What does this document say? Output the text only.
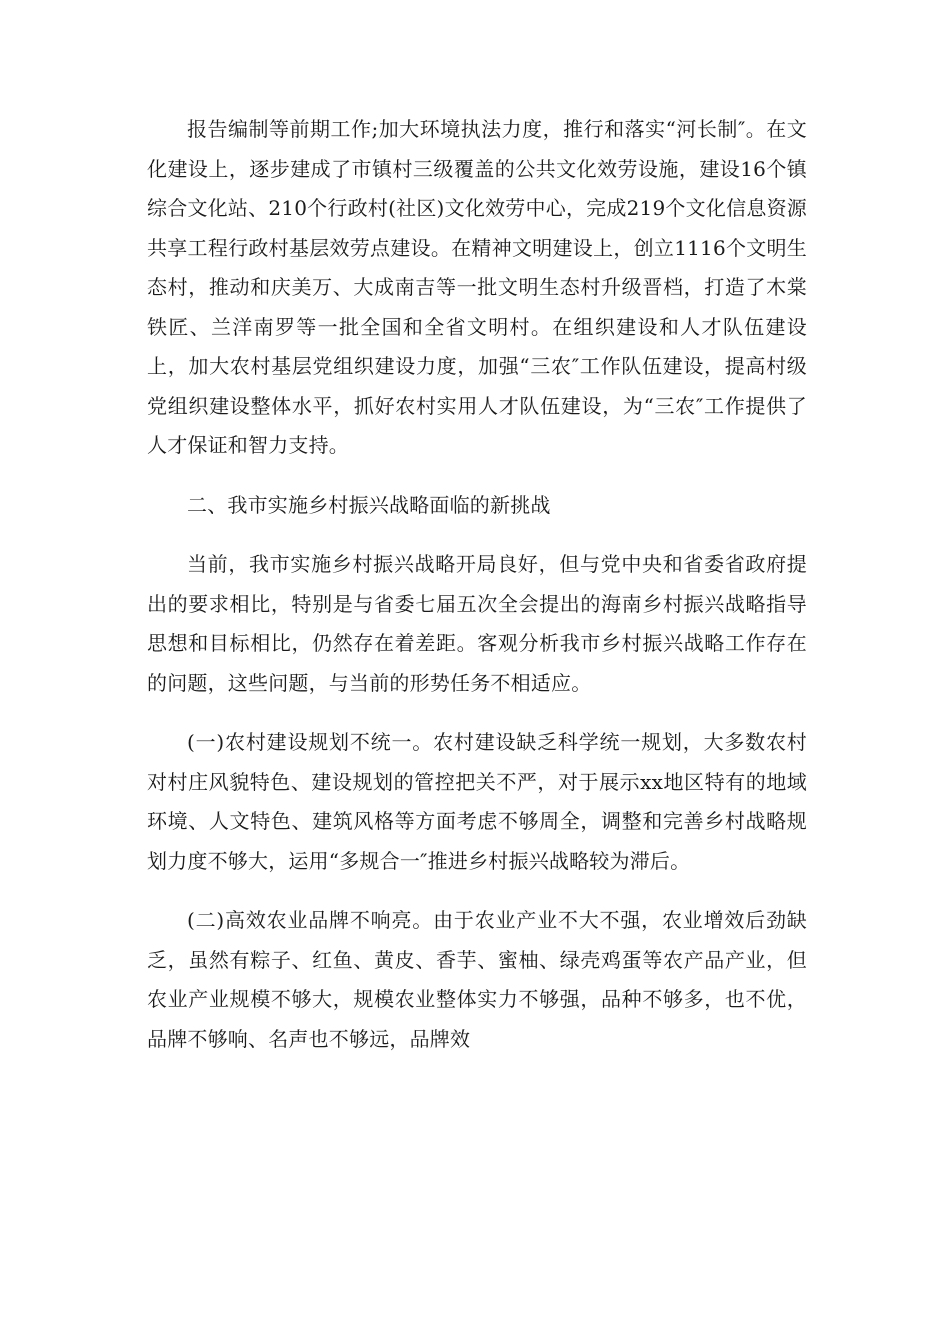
报告编制等前期工作;加大环境执法力度，推行和落实“河长制″。在文化建设上，逐步建成了市镇村三级覆盖的公共文化效劳设施，建设16个镇综合文化站、210个行政村(社区)文化效劳中心，完成219个文化信息资源共享工程行政村基层效劳点建设。在精神文明建设上，创立1116个文明生态村，推动和庆美万、大成南吉等一批文明生态村升级晋档，打造了木棠铁匠、兰洋南罗等一批全国和全省文明村。在组织建设和人才队伍建设上，加大农村基层党组织建设力度，加强“三农″工作队伍建设，提高村级党组织建设整体水平，抓好农村实用人才队伍建设，为“三农″工作提供了人才保证和智力支持。

二、我市实施乡村振兴战略面临的新挑战

当前，我市实施乡村振兴战略开局良好，但与党中央和省委省政府提出的要求相比，特别是与省委七届五次全会提出的海南乡村振兴战略指导思想和目标相比，仍然存在着差距。客观分析我市乡村振兴战略工作存在的问题，这些问题，与当前的形势任务不相适应。

(一)农村建设规划不统一。农村建设缺乏科学统一规划，大多数农村对村庄风貌特色、建设规划的管控把关不严，对于展示xx地区特有的地域环境、人文特色、建筑风格等方面考虑不够周全，调整和完善乡村战略规划力度不够大，运用“多规合一″推进乡村振兴战略较为滞后。

(二)高效农业品牌不响亮。由于农业产业不大不强，农业增效后劲缺乏，虽然有粽子、红鱼、黄皮、香芋、蜜柚、绿壳鸡蛋等农产品产业，但农业产业规模不够大，规模农业整体实力不够强，品种不够多，也不优，品牌不够响、名声也不够远，品牌效
